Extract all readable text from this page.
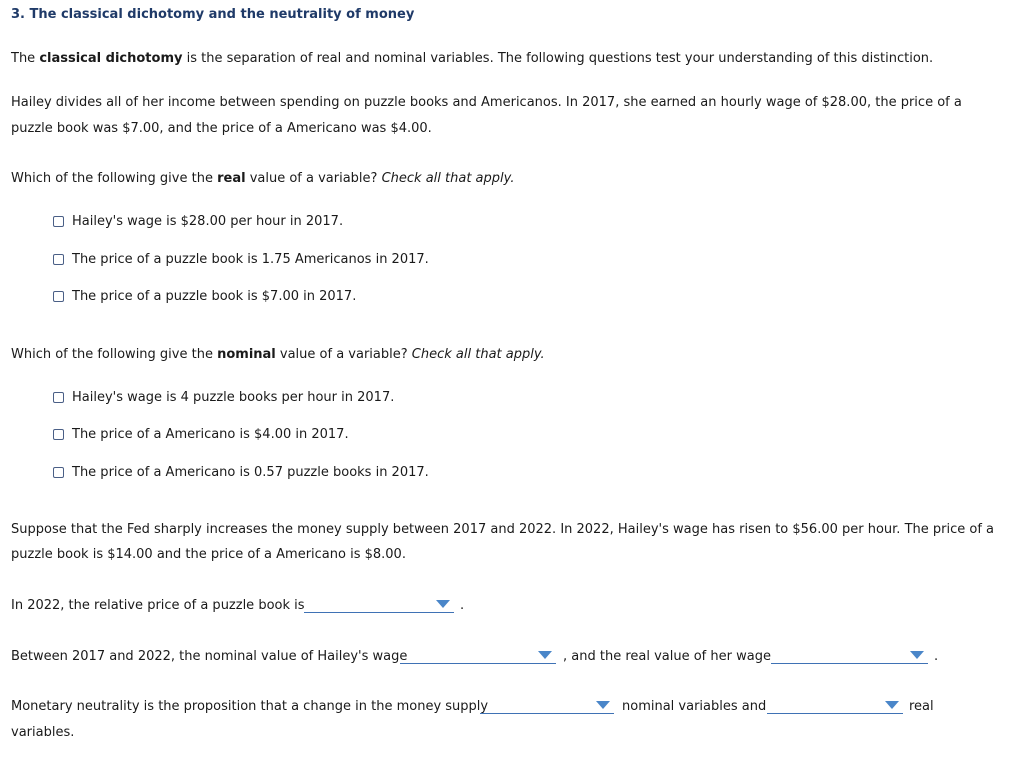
3. The classical dichotomy and the neutrality of money
The classical dichotomy is the separation of real and nominal variables. The following questions test your understanding of this distinction.
Hailey divides all of her income between spending on puzzle books and Americanos. In 2017, she earned an hourly wage of $28.00, the price of a
puzzle book was $7.00, and the price of a Americano was $4.00.
Which of the following give the real value of a variable? Check all that apply.
Hailey's wage is $28.00 per hour in 2017.
The price of a puzzle book is 1.75 Americanos in 2017.
The price of a puzzle book is $7.00 in 2017.
Which of the following give the nominal value of a variable? Check all that apply.
Hailey's wage is 4 puzzle books per hour in 2017.
The price of a Americano is $4.00 in 2017.
The price of a Americano is 0.57 puzzle books in 2017.
Suppose that the Fed sharply increases the money supply between 2017 and 2022. In 2022, Hailey's wage has risen to $56.00 per hour. The price of a
puzzle book is $14.00 and the price of a Americano is $8.00.
In 2022, the relative price of a puzzle book is	.
Between 2017 and 2022, the nominal value of Hailey's wage	, and the real value of her wage	.
Monetary neutrality is the proposition that a change in the money supply	nominal variables and	real
variables.
